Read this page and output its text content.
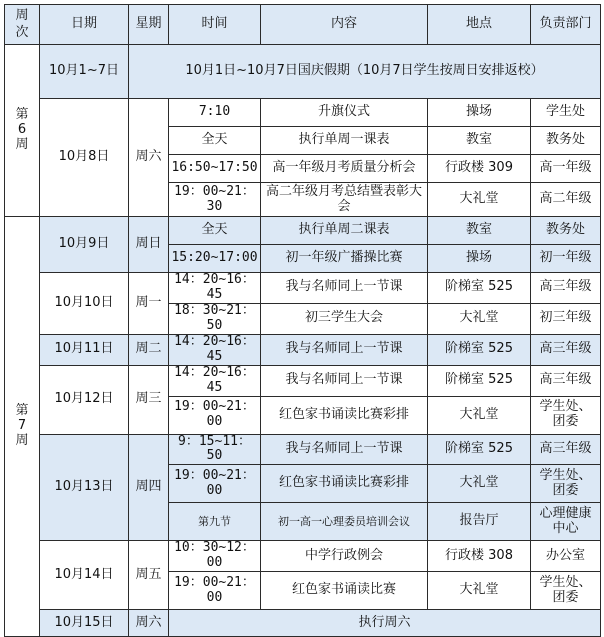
周次	日期	星期	时间	内容	地点	负责部门
第6周	10月1~7日	10月1日~10月7日国庆假期（10月7日学生按周日安排返校）				
	10月8日	周六	7:10	升旗仪式	操场	学生处
			全天	执行单周一课表	教室	教务处
			16:50~17:50	高一年级月考质量分析会	行政楼 309	高一年级
			19：00~21：30	高二年级月考总结暨表彰大会	大礼堂	高二年级
第7周	10月9日	周日	全天	执行单周二课表	教室	教务处
			15:20~17:00	初一年级广播操比赛	操场	初一年级
	10月10日	周一	14：20~16：45	我与名师同上一节课	阶梯室 525	高三年级
			18：30~21：50	初三学生大会	大礼堂	初三年级
	10月11日	周二	14：20~16：45	我与名师同上一节课	阶梯室 525	高三年级
	10月12日	周三	14：20~16：45	我与名师同上一节课	阶梯室 525	高三年级
			19：00~21：00	红色家书诵读比赛彩排	大礼堂	学生处、团委
	10月13日	周四	9：15~11：50	我与名师同上一节课	阶梯室 525	高三年级
			19：00~21：00	红色家书诵读比赛彩排	大礼堂	学生处、团委
			第九节	初一高一心理委员培训会议	报告厅	心理健康中心
	10月14日	周五	10：30~12：00	中学行政例会	行政楼 308	办公室
			19：00~21：00	红色家书诵读比赛	大礼堂	学生处、团委
	10月15日	周六	执行周六			
